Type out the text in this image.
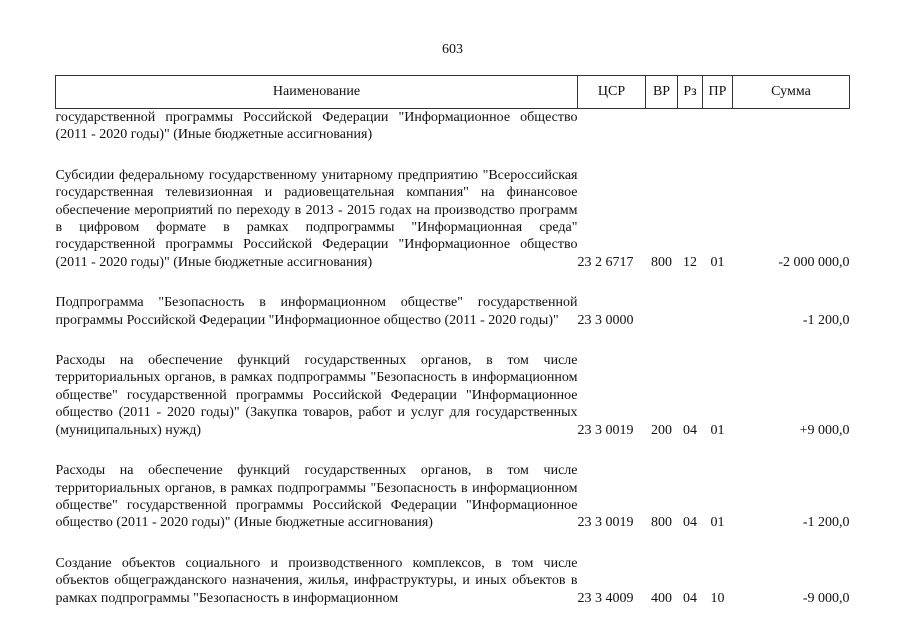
603
Наименование	ЦСР	ВР	Рз	ПР	Сумма

государственной программы Российской Федерации "Информационное общество (2011 - 2020 годы)" (Иные бюджетные ассигнования)					

Субсидии федеральному государственному унитарному предприятию "Всероссийская государственная телевизионная и радиовещательная компания" на финансовое обеспечение мероприятий по переходу в 2013 - 2015 годах на производство программ в цифровом формате в рамках подпрограммы "Информационная среда" государственной программы Российской Федерации "Информационное общество (2011 - 2020 годы)" (Иные бюджетные ассигнования)	23 2 6717	800	12	01	-2 000 000,0

Подпрограмма "Безопасность в информационном обществе" государственной программы Российской Федерации "Информационное общество (2011 - 2020 годы)"	23 3 0000				-1 200,0

Расходы на обеспечение функций государственных органов, в том числе территориальных органов, в рамках подпрограммы "Безопасность в информационном обществе" государственной программы Российской Федерации "Информационное общество (2011 - 2020 годы)" (Закупка товаров, работ и услуг для государственных (муниципальных) нужд)	23 3 0019	200	04	01	+9 000,0

Расходы на обеспечение функций государственных органов, в том числе территориальных органов, в рамках подпрограммы "Безопасность в информационном обществе" государственной программы Российской Федерации "Информационное общество (2011 - 2020 годы)" (Иные бюджетные ассигнования)	23 3 0019	800	04	01	-1 200,0

Создание объектов социального и производственного комплексов, в том числе объектов общегражданского назначения, жилья, инфраструктуры, и иных объектов в рамках подпрограммы "Безопасность в информационном	23 3 4009	400	04	10	-9 000,0
